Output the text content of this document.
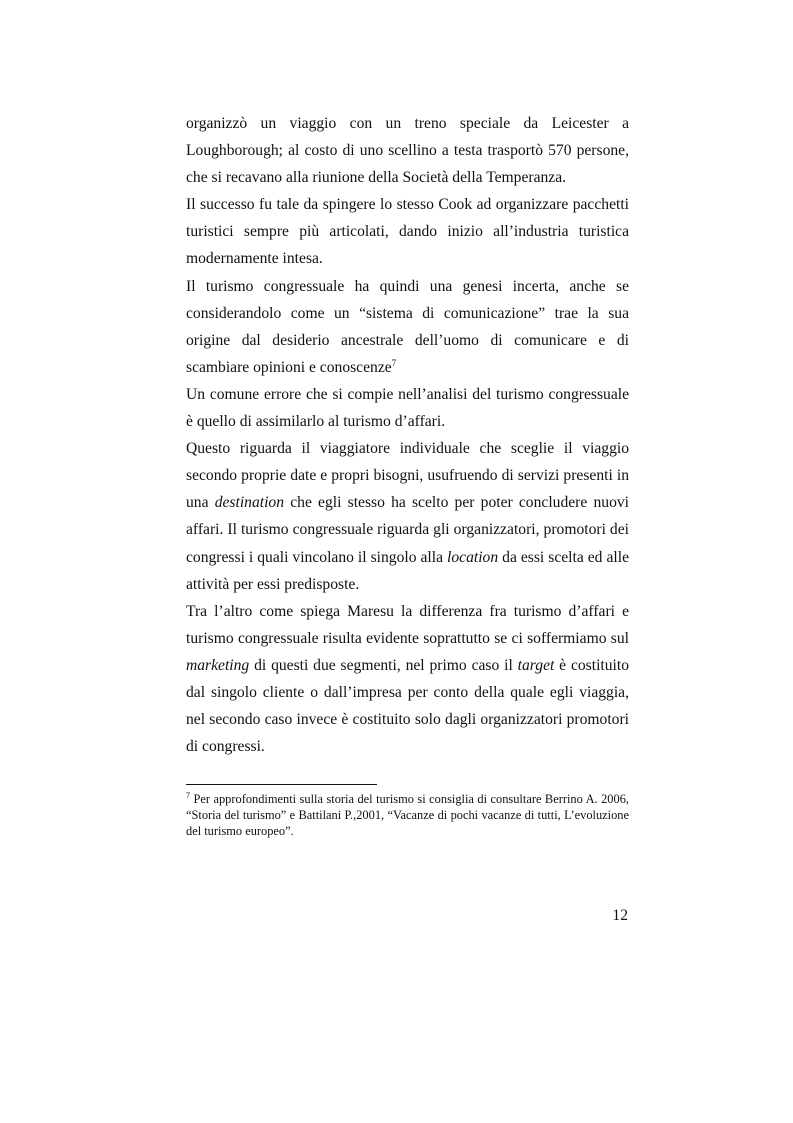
organizzò un viaggio con un treno speciale da Leicester a Loughborough; al costo di uno scellino a testa trasportò 570 persone, che si recavano alla riunione della Società della Temperanza.

Il successo fu tale da spingere lo stesso Cook ad organizzare pacchetti turistici sempre più articolati, dando inizio all’industria turistica modernamente intesa.

Il turismo congressuale ha quindi una genesi incerta, anche se considerandolo come un “sistema di comunicazione” trae la sua origine dal desiderio ancestrale dell’uomo di comunicare e di scambiare opinioni e conoscenze$^7$

Un comune errore che si compie nell’analisi del turismo congressuale è quello di assimilarlo al turismo d’affari.

Questo riguarda il viaggiatore individuale che sceglie il viaggio secondo proprie date e propri bisogni, usufruendo di servizi presenti in una destination che egli stesso ha scelto per poter concludere nuovi affari. Il turismo congressuale riguarda gli organizzatori, promotori dei congressi i quali vincolano il singolo alla location da essi scelta ed alle attività per essi predisposte.

Tra l’altro come spiega Maresu la differenza fra turismo d’affari e turismo congressuale risulta evidente soprattutto se ci soffermiamo sul marketing di questi due segmenti, nel primo caso il target è costituito dal singolo cliente o dall’impresa per conto della quale egli viaggia, nel secondo caso invece è costituito solo dagli organizzatori promotori di congressi.

$^7$ Per approfondimenti sulla storia del turismo si consiglia di consultare Berrino A. 2006, “Storia del turismo” e Battilani P.,2001, “Vacanze di pochi vacanze di tutti, L’evoluzione del turismo europeo”.
12
